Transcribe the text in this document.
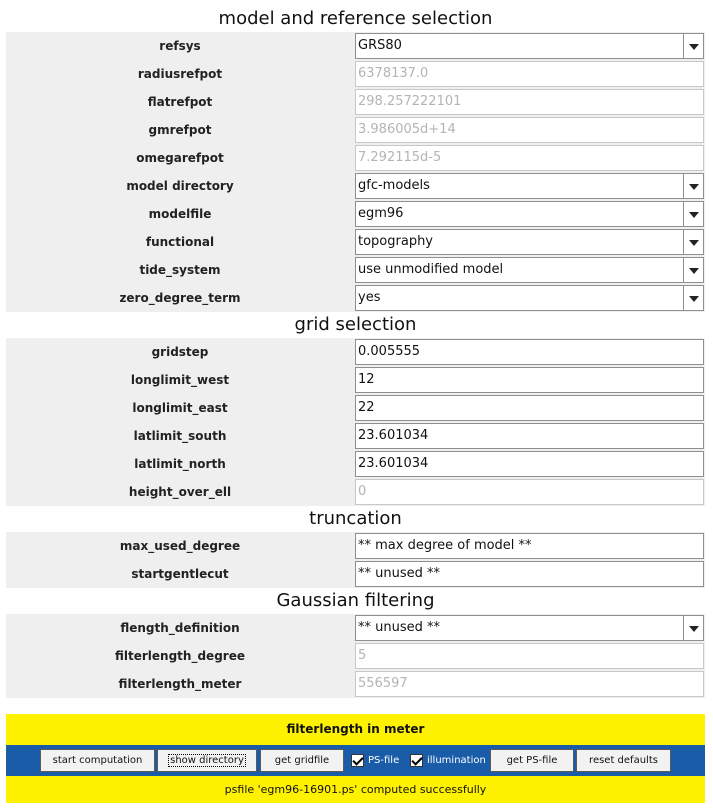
model and reference selection
refsys	GRS80
radiusrefpot	6378137.0
flatrefpot	298.257222101
gmrefpot	3.986005d+14
omegarefpot	7.292115d-5
model directory	gfc-models
modelfile	egm96
functional	topography
tide_system	use unmodified model
zero_degree_term	yes
grid selection
gridstep	0.005555
longlimit_west	12
longlimit_east	22
latlimit_south	23.601034
latlimit_north	23.601034
height_over_ell	0
truncation
max_used_degree	** max degree of model **
startgentlecut	** unused **
Gaussian filtering
flength_definition	** unused **
filterlength_degree	5
filterlength_meter	556597
filterlength in meter
start computation	show directory	get gridfile	PS-file	illumination	get PS-file	reset defaults
psfile 'egm96-16901.ps' computed successfully
